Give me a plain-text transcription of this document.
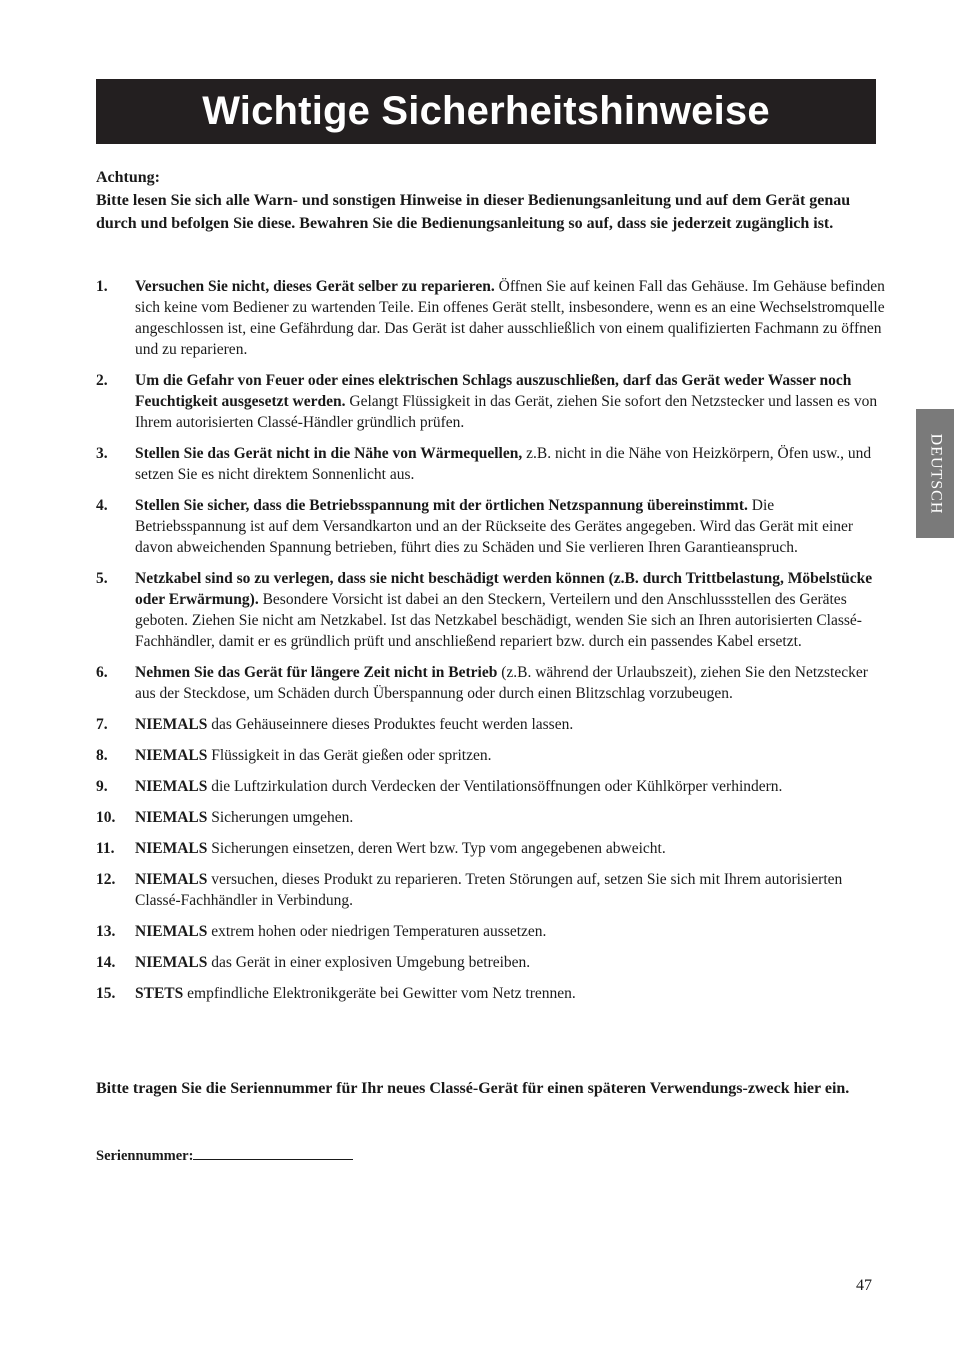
Wichtige Sicherheitshinweise
DEUTSCH

Achtung:

Bitte lesen Sie sich alle Warn- und sonstigen Hinweise in dieser Bedienungsanleitung und auf dem Gerät genau durch und befolgen Sie diese. Bewahren Sie die Bedienungsanleitung so auf, dass sie jederzeit zugänglich ist.

1.	Versuchen Sie nicht, dieses Gerät selber zu reparieren. Öffnen Sie auf keinen Fall das Gehäuse. Im Gehäuse befinden sich keine vom Bediener zu wartenden Teile. Ein offenes Gerät stellt, insbesondere, wenn es an eine Wechselstromquelle angeschlossen ist, eine Gefährdung dar. Das Gerät ist daher ausschließlich von einem qualifizierten Fachmann zu öffnen und zu reparieren.
2.	Um die Gefahr von Feuer oder eines elektrischen Schlags auszuschließen, darf das Gerät weder Wasser noch Feuchtigkeit ausgesetzt werden. Gelangt Flüssigkeit in das Gerät, ziehen Sie sofort den Netzstecker und lassen es von Ihrem autorisierten Classé-Händler gründlich prüfen.
3.	Stellen Sie das Gerät nicht in die Nähe von Wärmequellen, z.B. nicht in die Nähe von Heizkörpern, Öfen usw., und setzen Sie es nicht direktem Sonnenlicht aus.
4.	Stellen Sie sicher, dass die Betriebsspannung mit der örtlichen Netzspannung übereinstimmt. Die Betriebsspannung ist auf dem Versandkarton und an der Rückseite des Gerätes angegeben. Wird das Gerät mit einer davon abweichenden Spannung betrieben, führt dies zu Schäden und Sie verlieren Ihren Garantieanspruch.
5.	Netzkabel sind so zu verlegen, dass sie nicht beschädigt werden können (z.B. durch Trittbelastung, Möbelstücke oder Erwärmung). Besondere Vorsicht ist dabei an den Steckern, Verteilern und den Anschlussstellen des Gerätes geboten. Ziehen Sie nicht am Netzkabel. Ist das Netzkabel beschädigt, wenden Sie sich an Ihren autorisierten Classé-Fachhändler, damit er es gründlich prüft und anschließend repariert bzw. durch ein passendes Kabel ersetzt.
6.	Nehmen Sie das Gerät für längere Zeit nicht in Betrieb (z.B. während der Urlaubszeit), ziehen Sie den Netzstecker aus der Steckdose, um Schäden durch Überspannung oder durch einen Blitzschlag vorzubeugen.
7.	NIEMALS das Gehäuseinnere dieses Produktes feucht werden lassen.
8.	NIEMALS Flüssigkeit in das Gerät gießen oder spritzen.
9.	NIEMALS die Luftzirkulation durch Verdecken der Ventilationsöffnungen oder Kühlkörper verhindern.
10.	NIEMALS Sicherungen umgehen.
11.	NIEMALS Sicherungen einsetzen, deren Wert bzw. Typ vom angegebenen abweicht.
12.	NIEMALS versuchen, dieses Produkt zu reparieren. Treten Störungen auf, setzen Sie sich mit Ihrem autorisierten Classé-Fachhändler in Verbindung.
13.	NIEMALS extrem hohen oder niedrigen Temperaturen aussetzen.
14.	NIEMALS das Gerät in einer explosiven Umgebung betreiben.
15.	STETS empfindliche Elektronikgeräte bei Gewitter vom Netz trennen.

Bitte tragen Sie die Seriennummer für Ihr neues Classé-Gerät für einen späteren Verwendungs-zweck hier ein.

Seriennummer:
47
